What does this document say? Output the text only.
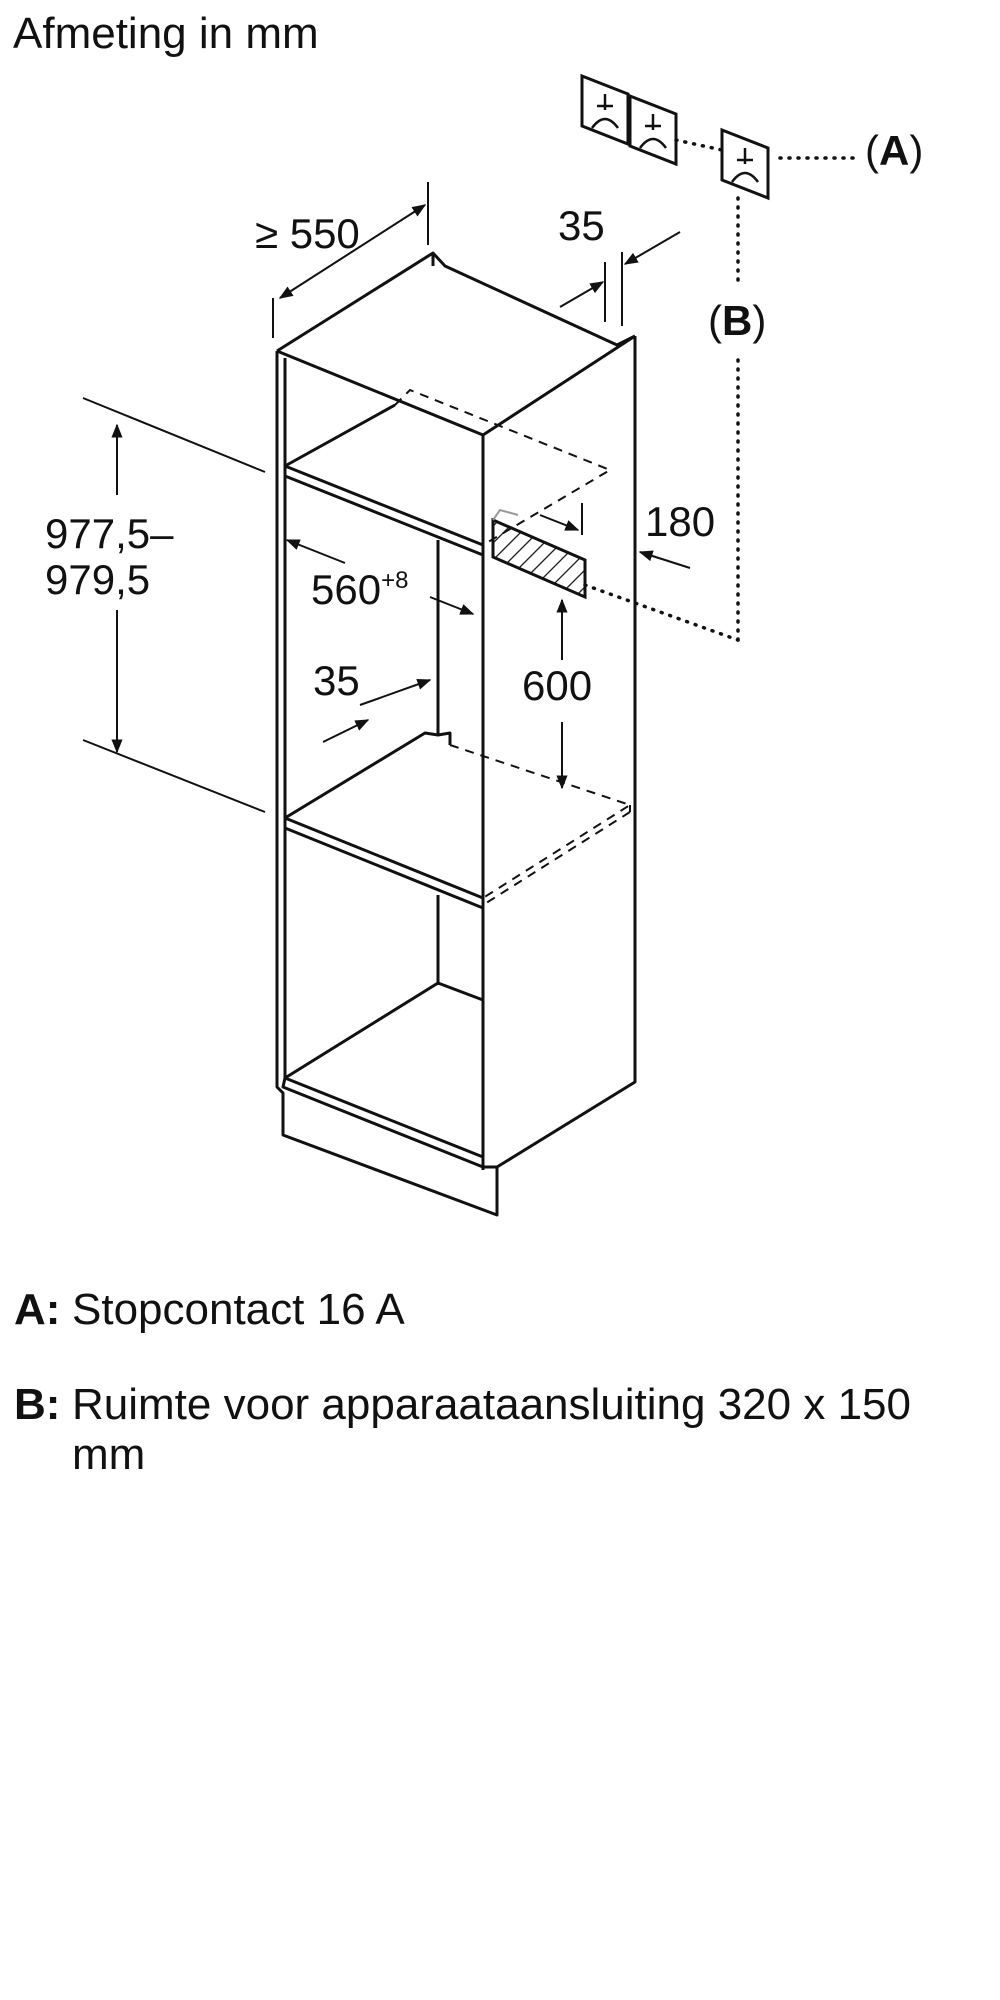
Afmeting in mm
≥ 550	35
977,5–
979,5	$560^{+8}$
35
180
600
(A)
(B)
A: Stopcontact 16 A
B: Ruimte voor apparaataansluiting 320 x 150 mm
